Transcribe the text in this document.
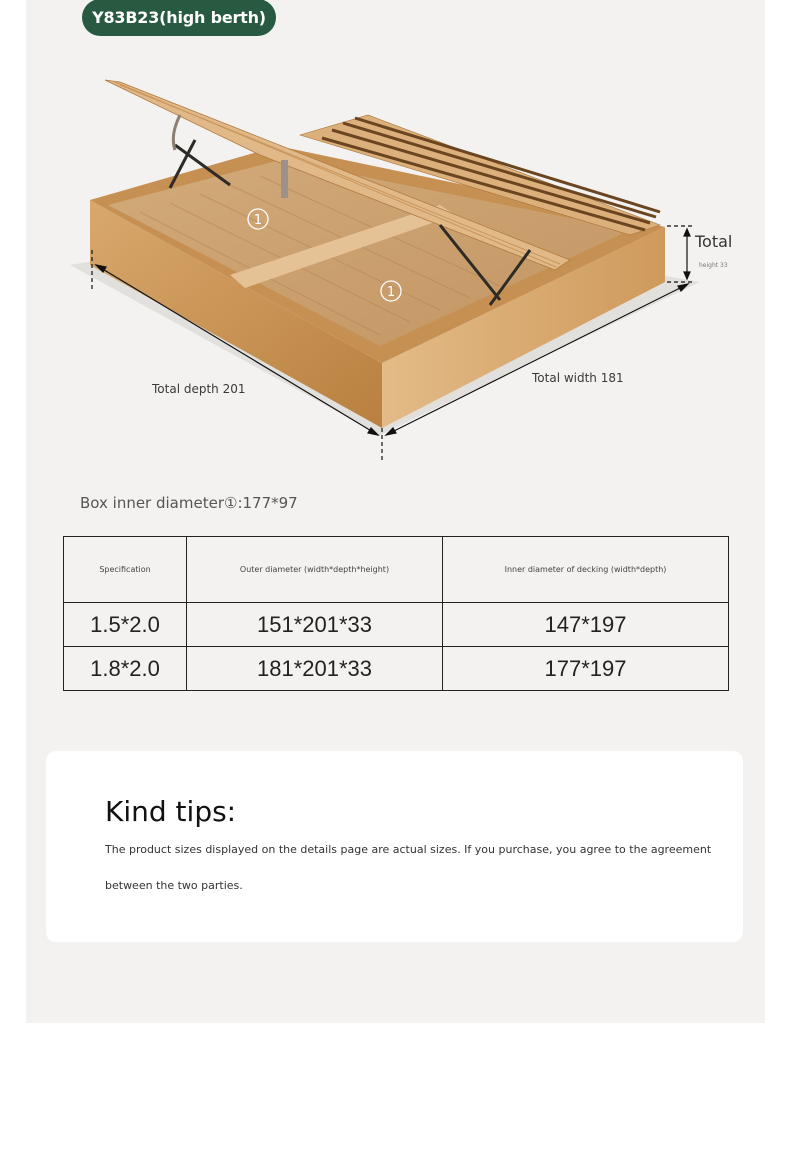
Y83B23(high berth)
1
1
Total
height 33
Total depth 201
Total width 181
Box inner diameter①:177*97
Specification	Outer diameter (width*depth*height)	Inner diameter of decking (width*depth)
1.5*2.0	151*201*33	147*197
1.8*2.0	181*201*33	177*197
Kind tips:

The product sizes displayed on the details page are actual sizes. If you purchase, you agree to the agreement

between the two parties.
